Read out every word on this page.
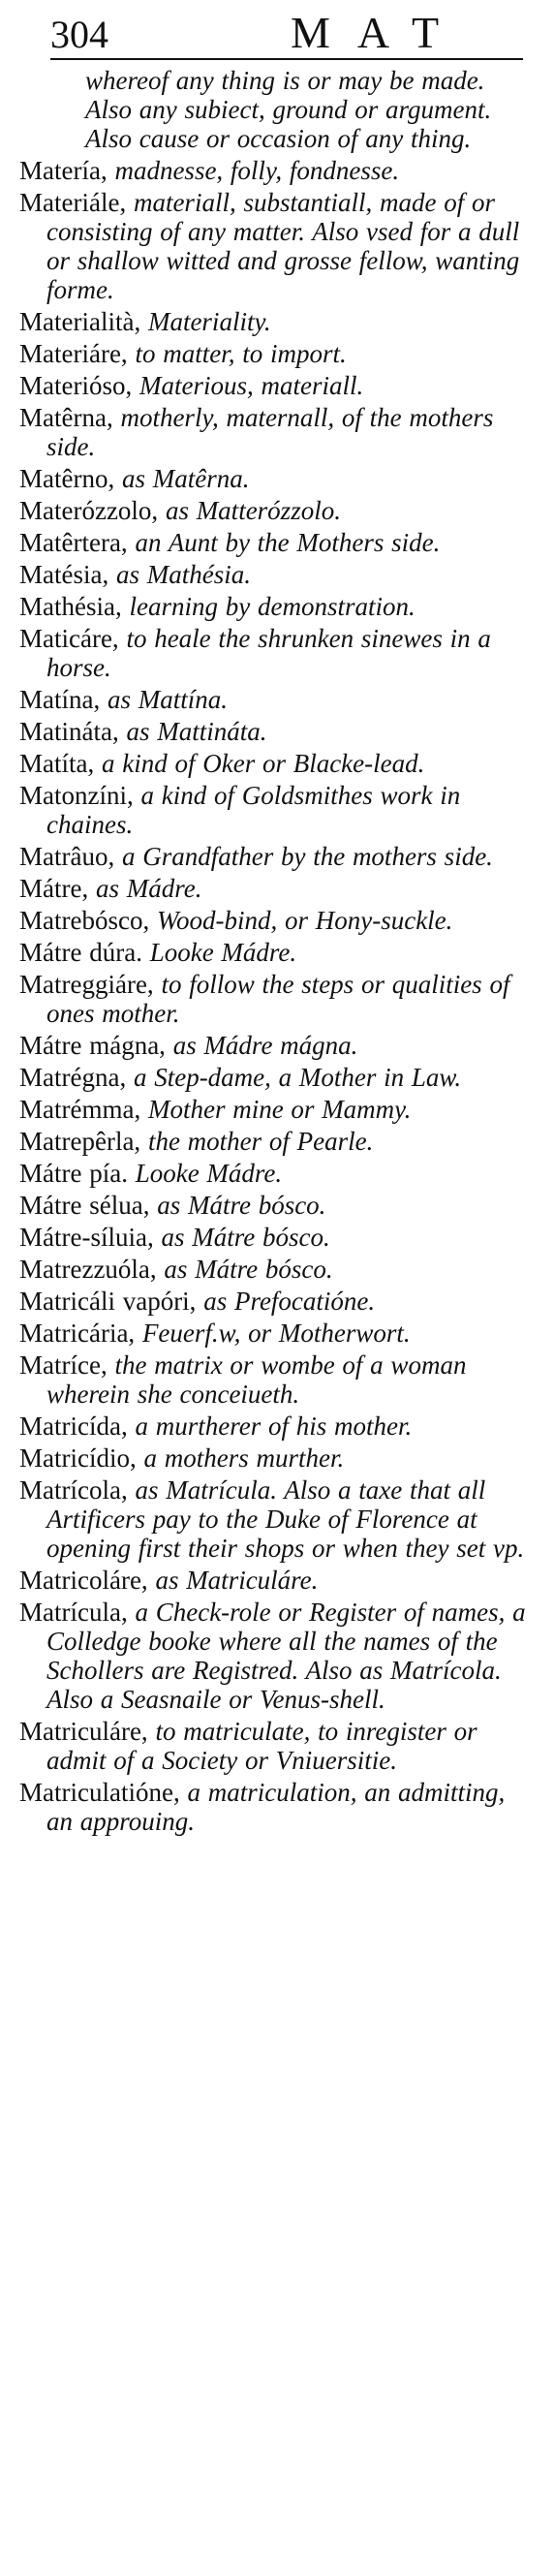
304	MAT

whereof any thing is or may be made. Also any subiect, ground or argument. Also cause or occasion of any thing.

Matería, madnesse, folly, fondnesse.

Materiále, materiall, substantiall, made of or consisting of any matter. Also vsed for a dull or shallow witted and grosse fellow, wanting forme.

Materialità, Materiality.

Materiáre, to matter, to import.

Materióso, Materious, materiall.

Matêrna, motherly, maternall, of the mothers side.

Matêrno, as Matêrna.

Materózzolo, as Matterózzolo.

Matêrtera, an Aunt by the Mothers side.

Matésia, as Mathésia.

Mathésia, learning by demonstration.

Maticáre, to heale the shrunken sinewes in a horse.

Matína, as Mattína.

Matináta, as Mattináta.

Matíta, a kind of Oker or Blacke-lead.

Matonzíni, a kind of Goldsmithes work in chaines.

Matrâuo, a Grandfather by the mothers side.

Mátre, as Mádre.

Matrebósco, Wood-bind, or Hony-suckle.

Mátre dúra. Looke Mádre.

Matreggiáre, to follow the steps or qualities of ones mother.

Mátre mágna, as Mádre mágna.

Matrégna, a Step-dame, a Mother in Law.

Matrémma, Mother mine or Mammy.

Matrepêrla, the mother of Pearle.

Mátre pía. Looke Mádre.

Mátre sélua, as Mátre bósco.

Mátre-síluia, as Mátre bósco.

Matrezzuóla, as Mátre bósco.

Matricáli vapóri, as Prefocatióne.

Matricária, Feuerf.w, or Motherwort.

Matríce, the matrix or wombe of a woman wherein she conceiueth.

Matricída, a murtherer of his mother.

Matricídio, a mothers murther.

Matrícola, as Matrícula. Also a taxe that all Artificers pay to the Duke of Florence at opening first their shops or when they set vp.

Matricoláre, as Matriculáre.

Matrícula, a Check-role or Register of names, a Colledge booke where all the names of the Schollers are Registred. Also as Matrícola. Also a Seasnaile or Venus-shell.

Matriculáre, to matriculate, to inregister or admit of a Society or Vniuersitie.

Matriculatióne, a matriculation, an admitting, an approuing.
